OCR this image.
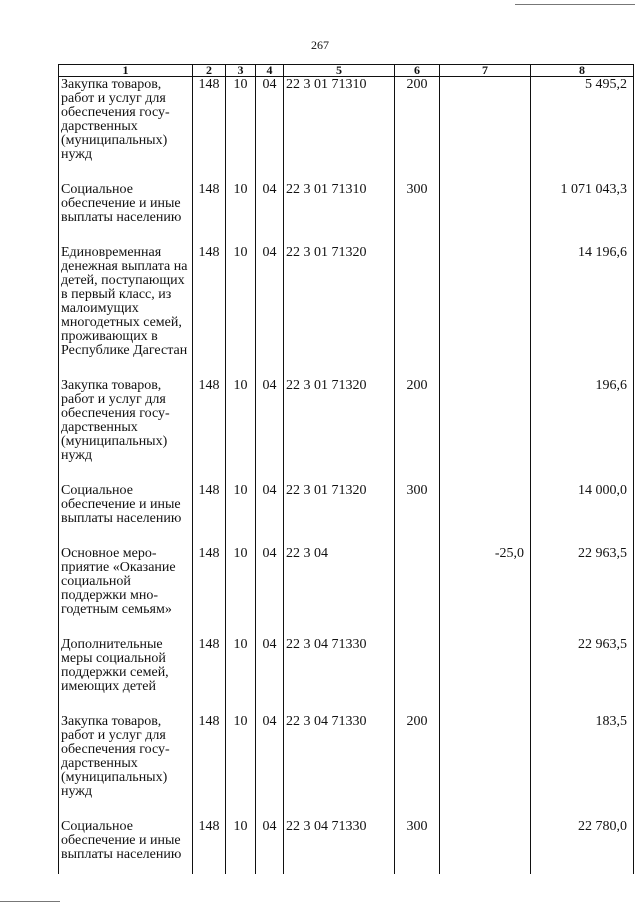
267
1	2	3	4	5	6	7	8
Закупка товаров, работ и услуг для обеспечения государственных (муниципальных) нужд	148	10	04	22 3 01 71310	200		5 495,2
Социальное обеспечение и иные выплаты населению	148	10	04	22 3 01 71310	300		1 071 043,3
Единовременная денежная выплата на детей, поступающих в первый класс, из малоимущих многодетных семей, проживающих в Республике Дагестан	148	10	04	22 3 01 71320			14 196,6
Закупка товаров, работ и услуг для обеспечения государственных (муниципальных) нужд	148	10	04	22 3 01 71320	200		196,6
Социальное обеспечение и иные выплаты населению	148	10	04	22 3 01 71320	300		14 000,0
Основное мероприятие «Оказание социальной поддержки многодетным семьям»	148	10	04	22 3 04		-25,0	22 963,5
Дополнительные меры социальной поддержки семей, имеющих детей	148	10	04	22 3 04 71330			22 963,5
Закупка товаров, работ и услуг для обеспечения государственных (муниципальных) нужд	148	10	04	22 3 04 71330	200		183,5
Социальное обеспечение и иные выплаты населению	148	10	04	22 3 04 71330	300		22 780,0
